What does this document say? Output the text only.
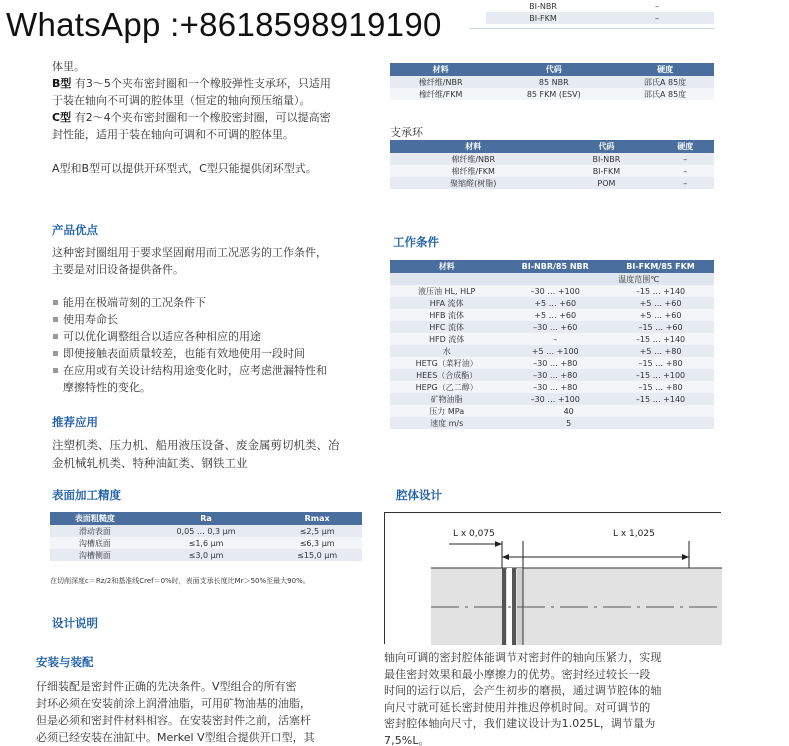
体里。
B型 有3～5个夹布密封圈和一个橡胶弹性支承环，只适用
于装在轴向不可调的腔体里（恒定的轴向预压缩量）。
C型 有2～4个夹布密封圈和一个橡胶密封圈，可以提高密
封性能，适用于装在轴向可调和不可调的腔体里。
A型和B型可以提供开环型式，C型只能提供闭环型式。
产品优点
这种密封圈组用于要求坚固耐用而工况恶劣的工作条件，
主要是对旧设备提供备件。
能用在极端苛刻的工况条件下
使用寿命长
可以优化调整组合以适应各种相应的用途
即使接触表面质量较差，也能有效地使用一段时间
在应用或有关设计结构用途变化时，应考虑泄漏特性和
摩擦特性的变化。
推荐应用
注塑机类、压力机、船用液压设备、废金属剪切机类、冶
金机械轧机类、特种油缸类、钢铁工业
表面加工精度
表面粗糙度	Ra	Rmax
滑动表面	0,05 … 0,3 μm	≤2,5 μm
沟槽底面	≤1,6 μm	≤6,3 μm
沟槽侧面	≤3,0 μm	≤15,0 μm
在切削深度c＝Rz/2和基准线Cref＝0%时，表面支承长度比Mr＞50%至最大90%。
设计说明
BI-NBR	–
BI-FKM	–
材料	代码	硬度
橡纤维/NBR	85 NBR	邵氏A 85度
橡纤维/FKM	85 FKM (ESV)	邵氏A 85度
支承环
材料	代码	硬度
棉纤维/NBR	BI-NBR	–
棉纤维/FKM	BI-FKM	–
聚缩醛(树脂)	POM	–
工作条件
材料	BI-NBR/85 NBR	BI-FKM/85 FKM
	温度范围℃	
液压油 HL, HLP	–30 … +100	–15 … +140
HFA 流体	+5 … +60	+5 … +60
HFB 流体	+5 … +60	+5 … +60
HFC 流体	–30 … +60	–15 … +60
HFD 流体	–	–15 … +140
水	+5 … +100	+5 … +80
HETG（菜籽油）	–30 … +80	–15 … +80
HEES（合成酯）	–30 … +80	–15 … +100
HEPG（乙二醇）	–30 … +80	–15 … +80
矿物油脂	–30 … +100	–15 … +140
压力 MPa	40	
速度 m/s	5	
腔体设计
L x 0,075	L x 1,025
轴向可调的密封腔体能调节对密封件的轴向压紧力，实现
最佳密封效果和最小摩擦力的优势。密封经过较长一段
时间的运行以后，会产生初步的磨损，通过调节腔体的轴
向尺寸就可延长密封使用并推迟停机时间。对可调节的
密封腔体轴向尺寸，我们建议设计为1.025L，调节量为
7,5%L。
安装与装配
仔细装配是密封件正确的先决条件。V型组合的所有密
封环必须在安装前涂上润滑油脂，可用矿物油基的油脂，
但是必须和密封件材料相容。在安装密封件之前，活塞杆
必须已经安装在油缸中。Merkel V型组合提供开口型，其
WhatsApp :+8618598919190
